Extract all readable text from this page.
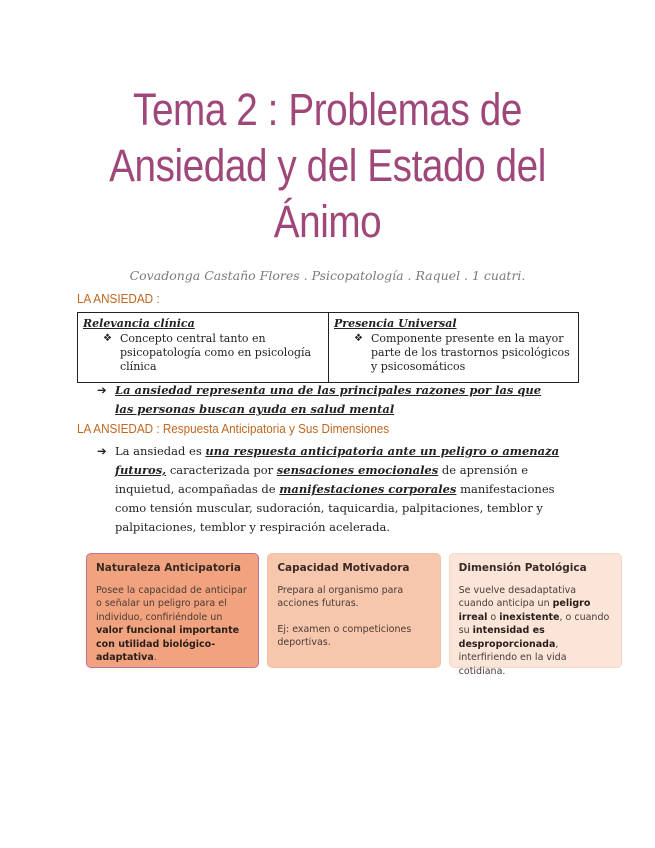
Tema 2 : Problemas de
Ansiedad y del Estado del
Ánimo
Covadonga Castaño Flores . Psicopatología . Raquel . 1 cuatri.
LA ANSIEDAD :
Relevancia clínica
❖ Concepto central tanto en psicopatología como en psicología clínica
Presencia Universal
❖ Componente presente en la mayor parte de los trastornos psicológicos y psicosomáticos
➔ La ansiedad representa una de las principales razones por las que las personas buscan ayuda en salud mental
LA ANSIEDAD : Respuesta Anticipatoria y Sus Dimensiones
➔ La ansiedad es una respuesta anticipatoria ante un peligro o amenaza futuros, caracterizada por sensaciones emocionales de aprensión e inquietud, acompañadas de manifestaciones corporales manifestaciones como tensión muscular, sudoración, taquicardia, palpitaciones, temblor y palpitaciones, temblor y respiración acelerada.
Naturaleza Anticipatoria

Posee la capacidad de anticipar o señalar un peligro para el individuo, confiriéndole un valor funcional importante con utilidad biológico-adaptativa.

Capacidad Motivadora

Prepara al organismo para acciones futuras.

Ej: examen o competiciones deportivas.

Dimensión Patológica

Se vuelve desadaptativa cuando anticipa un peligro irreal o inexistente, o cuando su intensidad es desproporcionada, interfiriendo en la vida cotidiana.
